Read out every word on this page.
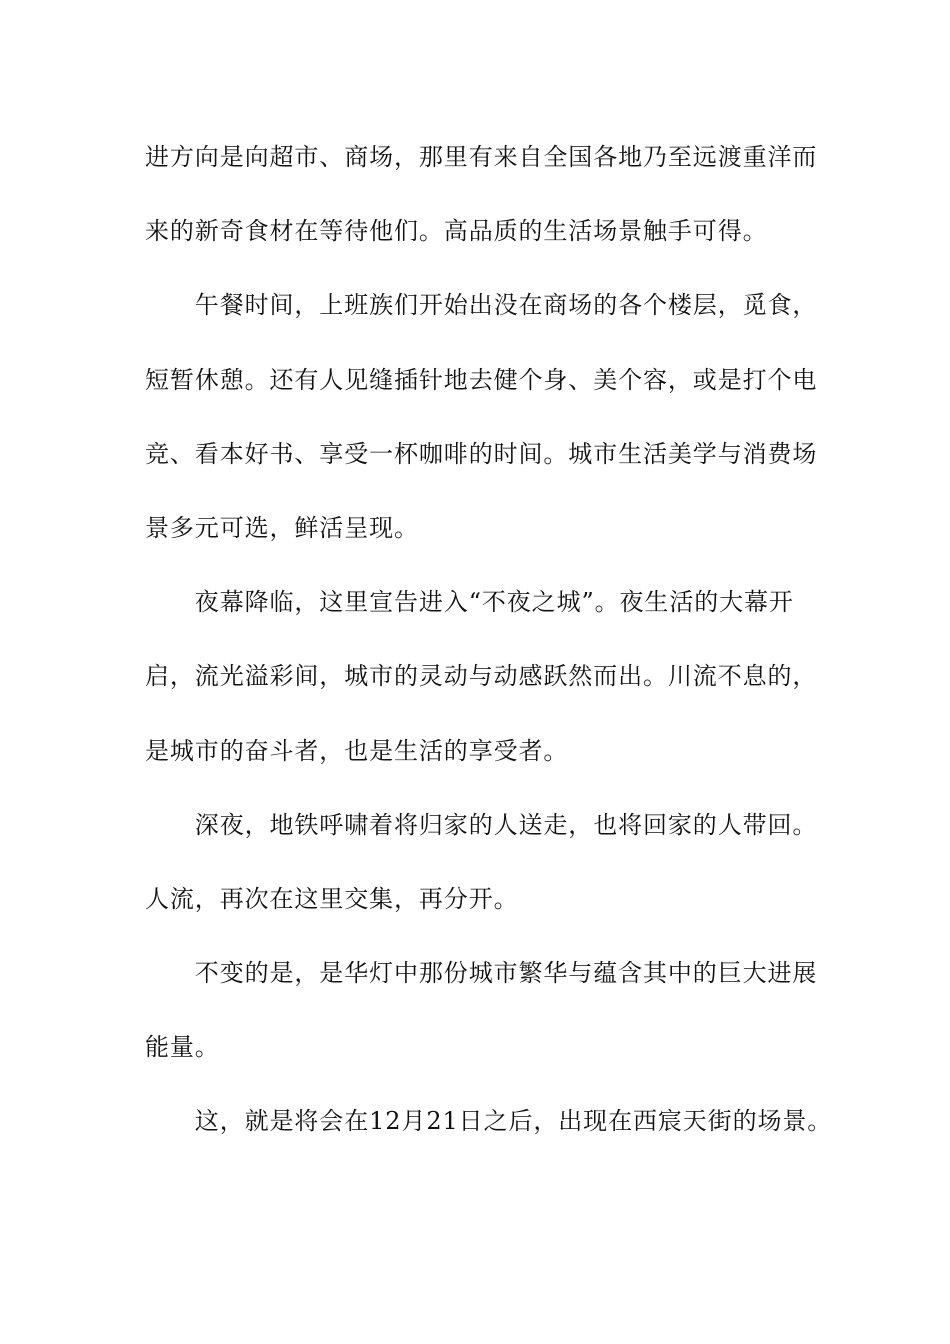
进方向是向超市、商场，那里有来自全国各地乃至远渡重洋而
来的新奇食材在等待他们。高品质的生活场景触手可得。
　　午餐时间，上班族们开始出没在商场的各个楼层，觅食，
短暂休憩。还有人见缝插针地去健个身、美个容，或是打个电
竞、看本好书、享受一杯咖啡的时间。城市生活美学与消费场
景多元可选，鲜活呈现。
　　夜幕降临，这里宣告进入“不夜之城”。夜生活的大幕开
启，流光溢彩间，城市的灵动与动感跃然而出。川流不息的，
是城市的奋斗者，也是生活的享受者。
　　深夜，地铁呼啸着将归家的人送走，也将回家的人带回。
人流，再次在这里交集，再分开。
　　不变的是，是华灯中那份城市繁华与蕴含其中的巨大进展
能量。
　　这，就是将会在12月21日之后，出现在西宸天街的场景。
